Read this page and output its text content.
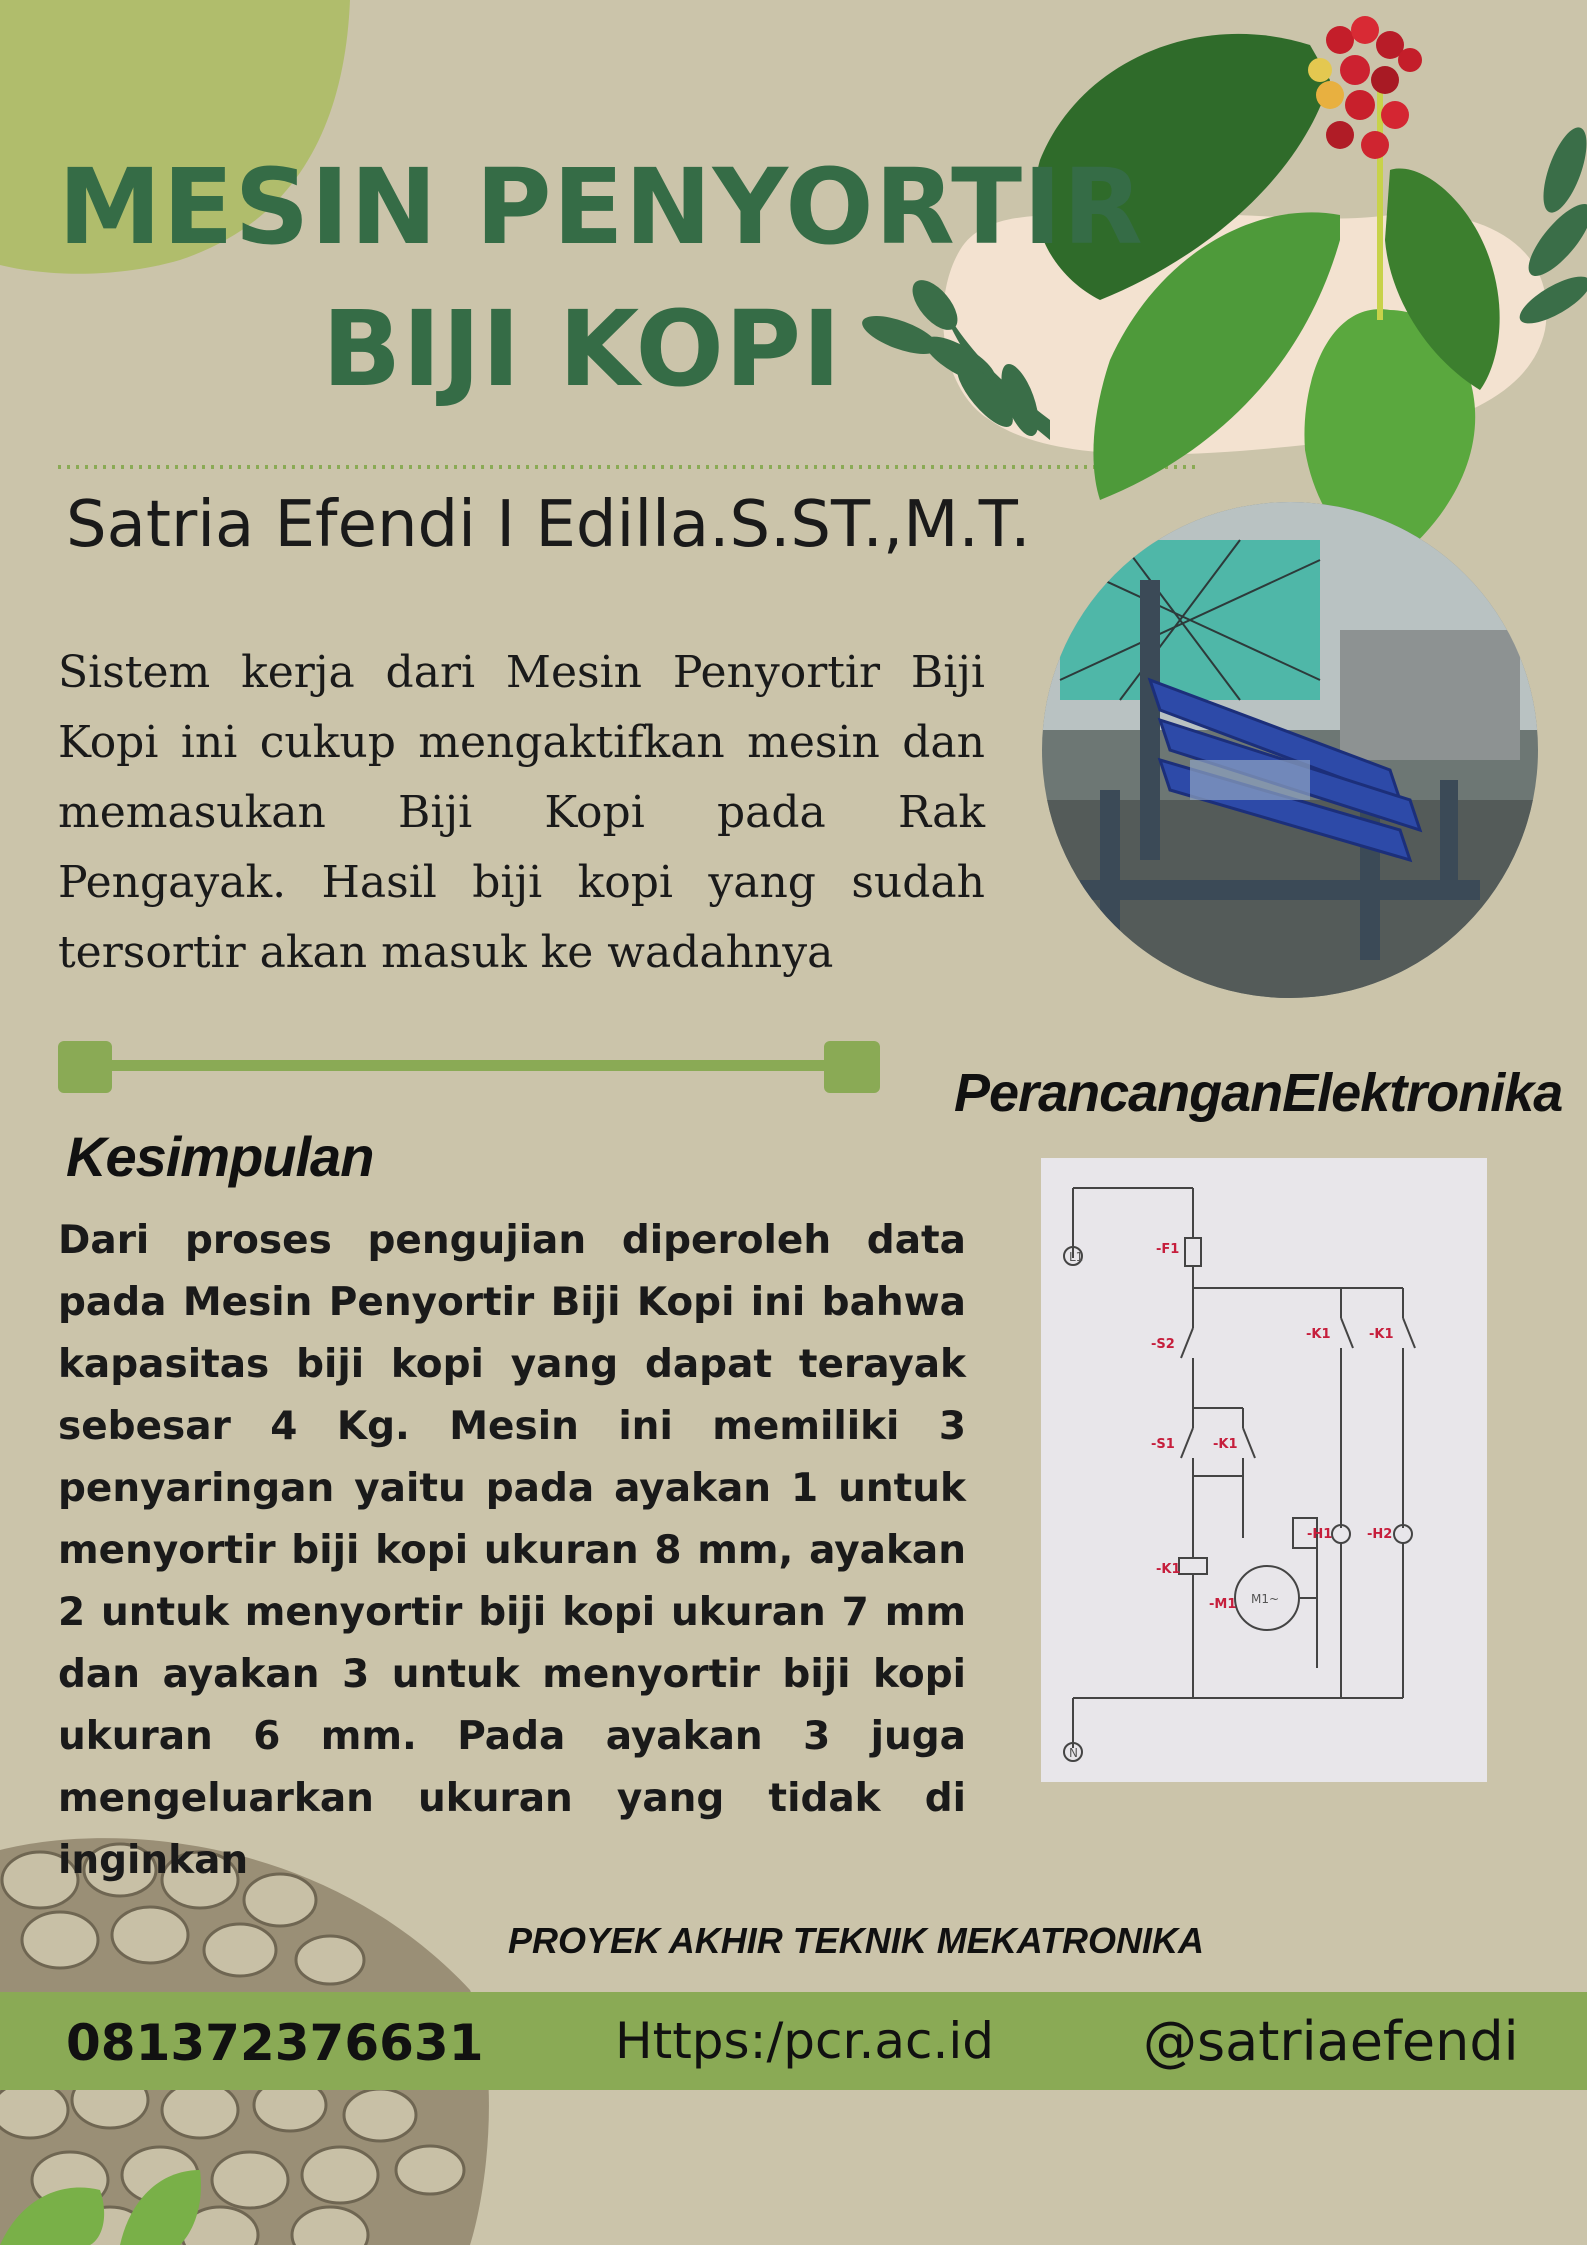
MESIN PENYORTIR
BIJI KOPI
Satria Efendi I Edilla.S.ST.,M.T.
Sistem kerja dari Mesin Penyortir Biji Kopi ini cukup mengaktifkan mesin dan memasukan Biji Kopi pada Rak Pengayak. Hasil biji kopi yang sudah tersortir akan masuk ke wadahnya
PerancanganElektronika
Kesimpulan
Dari proses pengujian diperoleh data pada Mesin Penyortir Biji Kopi ini bahwa kapasitas biji kopi yang dapat terayak sebesar 4 Kg. Mesin ini memiliki 3 penyaringan yaitu pada ayakan 1 untuk menyortir biji kopi ukuran 8 mm, ayakan 2 untuk menyortir biji kopi ukuran 7 mm dan ayakan 3 untuk menyortir biji kopi ukuran 6 mm. Pada ayakan 3 juga mengeluarkan ukuran yang tidak di inginkan
-F1
-S2
-S1	-K1
-K1	-K1
-K1
-M1
-H1	-H2
M1~
L1
N
PROYEK AKHIR TEKNIK MEKATRONIKA
081372376631	Https:/pcr.ac.id	@satriaefendi
